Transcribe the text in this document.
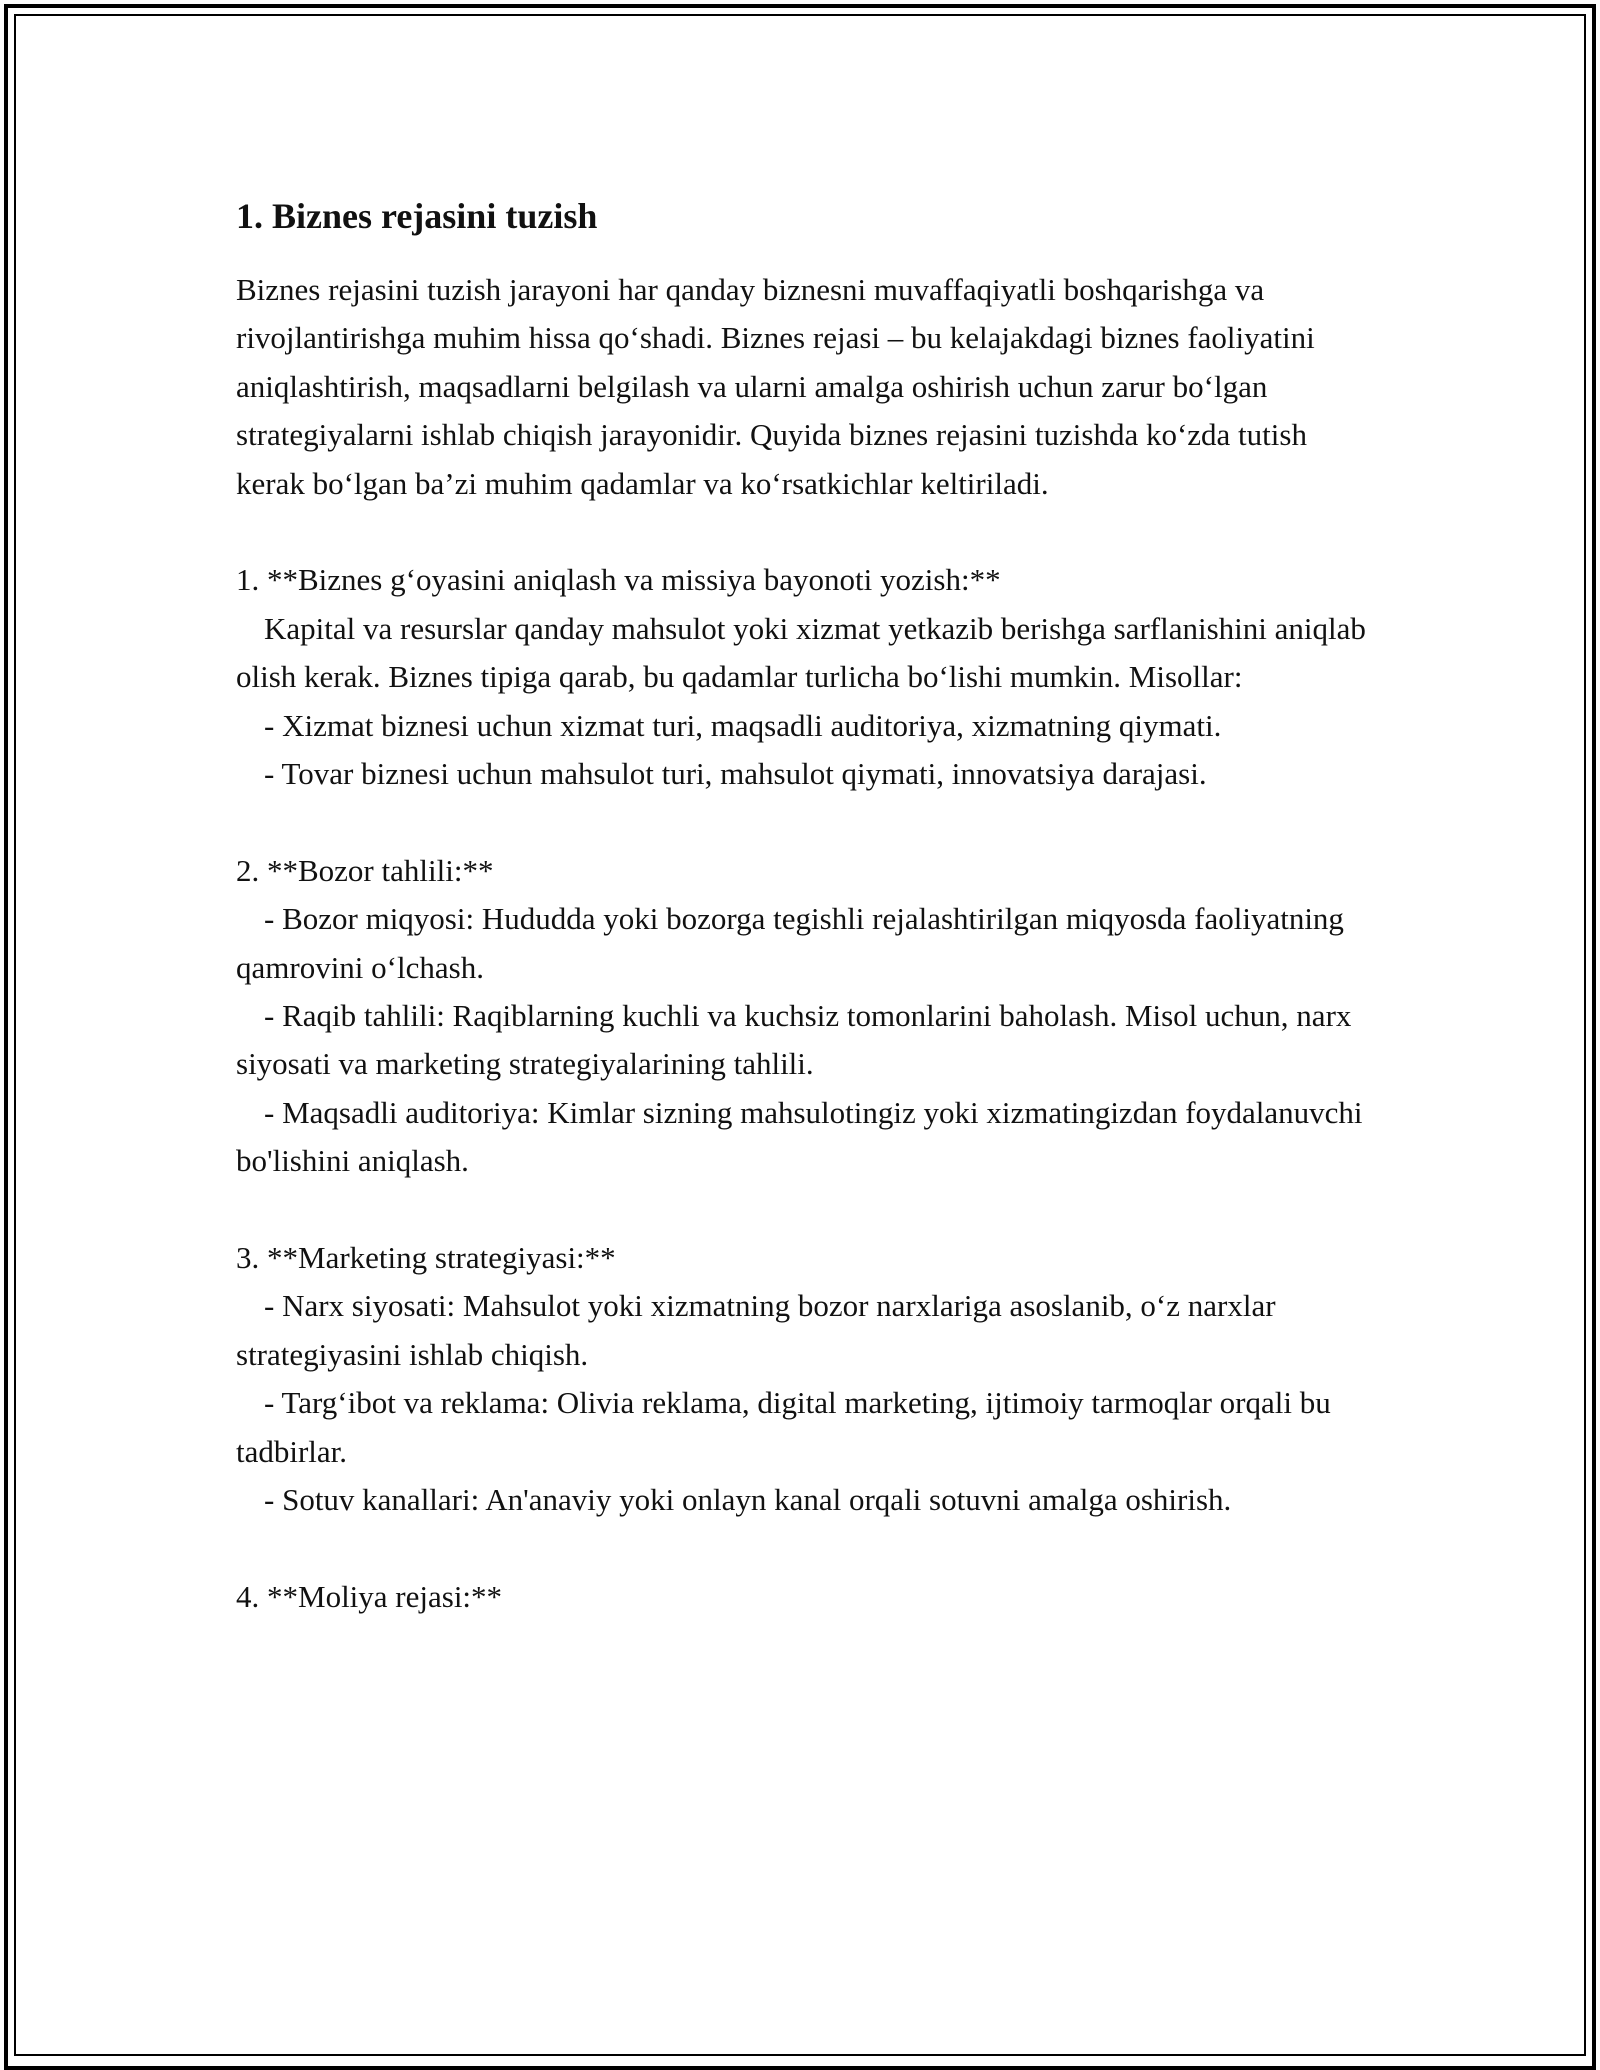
1. Biznes rejasini tuzish

Biznes rejasini tuzish jarayoni har qanday biznesni muvaffaqiyatli boshqarishga va rivojlantirishga muhim hissa qo‘shadi. Biznes rejasi – bu kelajakdagi biznes faoliyatini aniqlashtirish, maqsadlarni belgilash va ularni amalga oshirish uchun zarur bo‘lgan strategiyalarni ishlab chiqish jarayonidir. Quyida biznes rejasini tuzishda ko‘zda tutish kerak bo‘lgan ba’zi muhim qadamlar va ko‘rsatkichlar keltiriladi.

1. **Biznes g‘oyasini aniqlash va missiya bayonoti yozish:**

Kapital va resurslar qanday mahsulot yoki xizmat yetkazib berishga sarflanishini aniqlab olish kerak. Biznes tipiga qarab, bu qadamlar turlicha bo‘lishi mumkin. Misollar:

- Xizmat biznesi uchun xizmat turi, maqsadli auditoriya, xizmatning qiymati.

- Tovar biznesi uchun mahsulot turi, mahsulot qiymati, innovatsiya darajasi.

2. **Bozor tahlili:**

- Bozor miqyosi: Hududda yoki bozorga tegishli rejalashtirilgan miqyosda faoliyatning qamrovini o‘lchash.

- Raqib tahlili: Raqiblarning kuchli va kuchsiz tomonlarini baholash. Misol uchun, narx siyosati va marketing strategiyalarining tahlili.

- Maqsadli auditoriya: Kimlar sizning mahsulotingiz yoki xizmatingizdan foydalanuvchi bo'lishini aniqlash.

3. **Marketing strategiyasi:**

- Narx siyosati: Mahsulot yoki xizmatning bozor narxlariga asoslanib, o‘z narxlar strategiyasini ishlab chiqish.

- Targ‘ibot va reklama: Olivia reklama, digital marketing, ijtimoiy tarmoqlar orqali bu tadbirlar.

- Sotuv kanallari: An'anaviy yoki onlayn kanal orqali sotuvni amalga oshirish.

4. **Moliya rejasi:**
